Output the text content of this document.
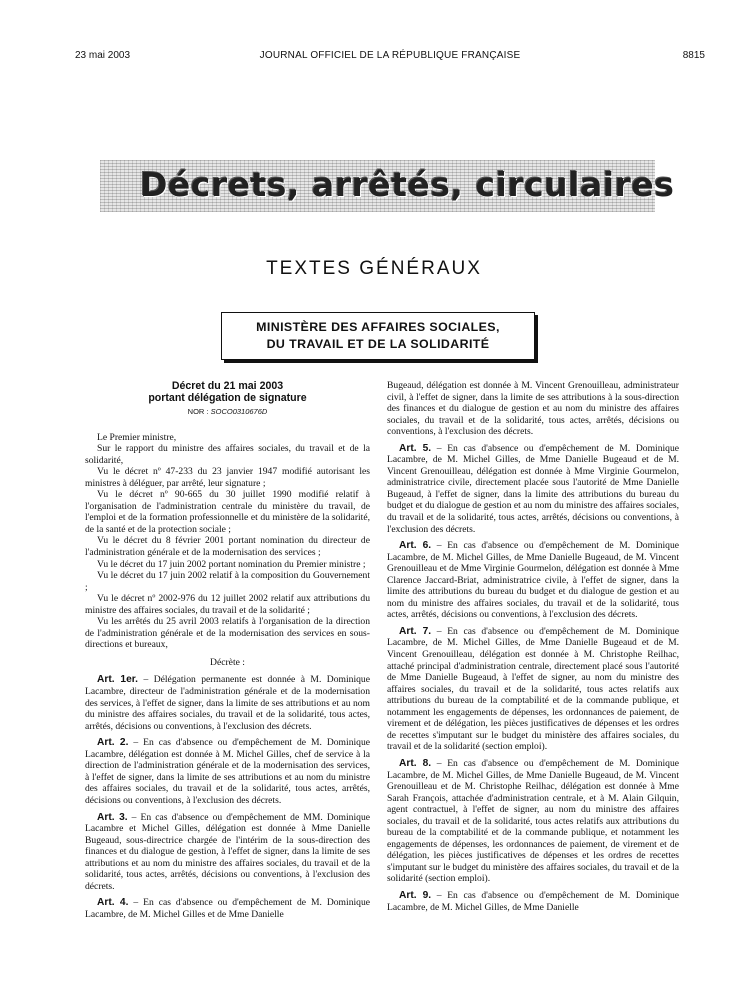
23 mai 2003	JOURNAL OFFICIEL DE LA RÉPUBLIQUE FRANÇAISE	8815
Décrets, arrêtés, circulaires
TEXTES GÉNÉRAUX
MINISTÈRE DES AFFAIRES SOCIALES,
DU TRAVAIL ET DE LA SOLIDARITÉ
Décret du 21 mai 2003
portant délégation de signature
NOR : SOCO0310676D

Le Premier ministre,

Sur le rapport du ministre des affaires sociales, du travail et de la solidarité,

Vu le décret nº 47-233 du 23 janvier 1947 modifié autorisant les ministres à déléguer, par arrêté, leur signature ;

Vu le décret nº 90-665 du 30 juillet 1990 modifié relatif à l'organisation de l'administration centrale du ministère du travail, de l'emploi et de la formation professionnelle et du ministère de la solidarité, de la santé et de la protection sociale ;

Vu le décret du 8 février 2001 portant nomination du directeur de l'administration générale et de la modernisation des services ;

Vu le décret du 17 juin 2002 portant nomination du Premier ministre ;

Vu le décret du 17 juin 2002 relatif à la composition du Gouvernement ;

Vu le décret nº 2002-976 du 12 juillet 2002 relatif aux attributions du ministre des affaires sociales, du travail et de la solidarité ;

Vu les arrêtés du 25 avril 2003 relatifs à l'organisation de la direction de l'administration générale et de la modernisation des services en sous-directions et bureaux,

Décrète :

Art. 1er. – Délégation permanente est donnée à M. Dominique Lacambre, directeur de l'administration générale et de la modernisation des services, à l'effet de signer, dans la limite de ses attributions et au nom du ministre des affaires sociales, du travail et de la solidarité, tous actes, arrêtés, décisions ou conventions, à l'exclusion des décrets.

Art. 2. – En cas d'absence ou d'empêchement de M. Dominique Lacambre, délégation est donnée à M. Michel Gilles, chef de service à la direction de l'administration générale et de la modernisation des services, à l'effet de signer, dans la limite de ses attributions et au nom du ministre des affaires sociales, du travail et de la solidarité, tous actes, arrêtés, décisions ou conventions, à l'exclusion des décrets.

Art. 3. – En cas d'absence ou d'empêchement de MM. Dominique Lacambre et Michel Gilles, délégation est donnée à Mme Danielle Bugeaud, sous-directrice chargée de l'intérim de la sous-direction des finances et du dialogue de gestion, à l'effet de signer, dans la limite de ses attributions et au nom du ministre des affaires sociales, du travail et de la solidarité, tous actes, arrêtés, décisions ou conventions, à l'exclusion des décrets.

Art. 4. – En cas d'absence ou d'empêchement de M. Dominique Lacambre, de M. Michel Gilles et de Mme Danielle

Bugeaud, délégation est donnée à M. Vincent Grenouilleau, administrateur civil, à l'effet de signer, dans la limite de ses attributions à la sous-direction des finances et du dialogue de gestion et au nom du ministre des affaires sociales, du travail et de la solidarité, tous actes, arrêtés, décisions ou conventions, à l'exclusion des décrets.

Art. 5. – En cas d'absence ou d'empêchement de M. Dominique Lacambre, de M. Michel Gilles, de Mme Danielle Bugeaud et de M. Vincent Grenouilleau, délégation est donnée à Mme Virginie Gourmelon, administratrice civile, directement placée sous l'autorité de Mme Danielle Bugeaud, à l'effet de signer, dans la limite des attributions du bureau du budget et du dialogue de gestion et au nom du ministre des affaires sociales, du travail et de la solidarité, tous actes, arrêtés, décisions ou conventions, à l'exclusion des décrets.

Art. 6. – En cas d'absence ou d'empêchement de M. Dominique Lacambre, de M. Michel Gilles, de Mme Danielle Bugeaud, de M. Vincent Grenouilleau et de Mme Virginie Gourmelon, délégation est donnée à Mme Clarence Jaccard-Briat, administratrice civile, à l'effet de signer, dans la limite des attributions du bureau du budget et du dialogue de gestion et au nom du ministre des affaires sociales, du travail et de la solidarité, tous actes, arrêtés, décisions ou conventions, à l'exclusion des décrets.

Art. 7. – En cas d'absence ou d'empêchement de M. Dominique Lacambre, de M. Michel Gilles, de Mme Danielle Bugeaud et de M. Vincent Grenouilleau, délégation est donnée à M. Christophe Reilhac, attaché principal d'administration centrale, directement placé sous l'autorité de Mme Danielle Bugeaud, à l'effet de signer, au nom du ministre des affaires sociales, du travail et de la solidarité, tous actes relatifs aux attributions du bureau de la comptabilité et de la commande publique, et notamment les engagements de dépenses, les ordonnances de paiement, de virement et de délégation, les pièces justificatives de dépenses et les ordres de recettes s'imputant sur le budget du ministère des affaires sociales, du travail et de la solidarité (section emploi).

Art. 8. – En cas d'absence ou d'empêchement de M. Dominique Lacambre, de M. Michel Gilles, de Mme Danielle Bugeaud, de M. Vincent Grenouilleau et de M. Christophe Reilhac, délégation est donnée à Mme Sarah François, attachée d'administration centrale, et à M. Alain Gilquin, agent contractuel, à l'effet de signer, au nom du ministre des affaires sociales, du travail et de la solidarité, tous actes relatifs aux attributions du bureau de la comptabilité et de la commande publique, et notamment les engagements de dépenses, les ordonnances de paiement, de virement et de délégation, les pièces justificatives de dépenses et les ordres de recettes s'imputant sur le budget du ministère des affaires sociales, du travail et de la solidarité (section emploi).

Art. 9. – En cas d'absence ou d'empêchement de M. Dominique Lacambre, de M. Michel Gilles, de Mme Danielle
